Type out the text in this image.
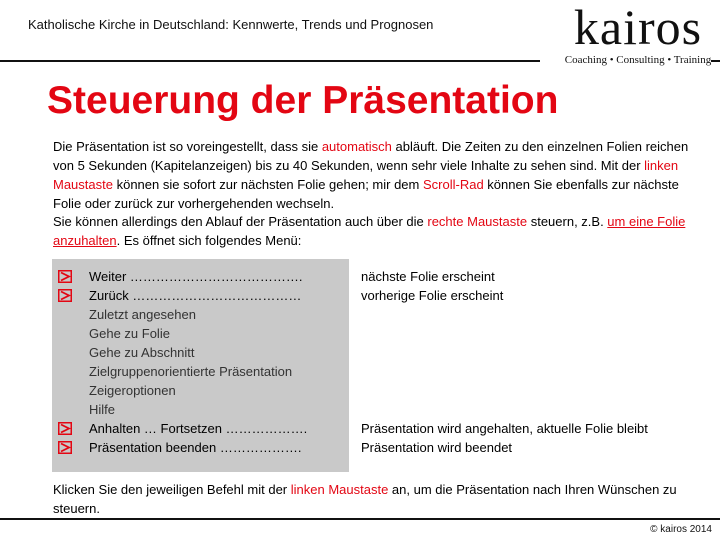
Katholische Kirche in Deutschland: Kennwerte, Trends und Prognosen	kairos
Coaching • Consulting • Training
Steuerung der Präsentation

Die Präsentation ist so voreingestellt, dass sie automatisch abläuft. Die Zeiten zu den einzelnen Folien reichen von 5 Sekunden (Kapitelanzeigen) bis zu 40 Sekunden, wenn sehr viele Inhalte zu sehen sind. Mit der linken Maustaste können sie sofort zur nächsten Folie gehen; mir dem Scroll-Rad können Sie ebenfalls zur nächste Folie oder zurück zur vorhergehenden wechseln.

Sie können allerdings den Ablauf der Präsentation auch über die rechte Maustaste steuern, z.B. um eine Folie anzuhalten. Es öffnet sich folgendes Menü:

Weiter ………………………………….
Zurück …………………………………
Zuletzt angesehen
Gehe zu Folie
Gehe zu Abschnitt
Zielgruppenorientierte Präsentation
Zeigeroptionen
Hilfe
Anhalten … Fortsetzen ……………….
Präsentation beenden ……………….
nächste Folie erscheint
vorherige Folie erscheint
Präsentation wird angehalten, aktuelle Folie bleibt
Präsentation wird beendet

Klicken Sie den jeweiligen Befehl mit der linken Maustaste an, um die Präsentation nach Ihren Wünschen zu steuern.

© kairos 2014
